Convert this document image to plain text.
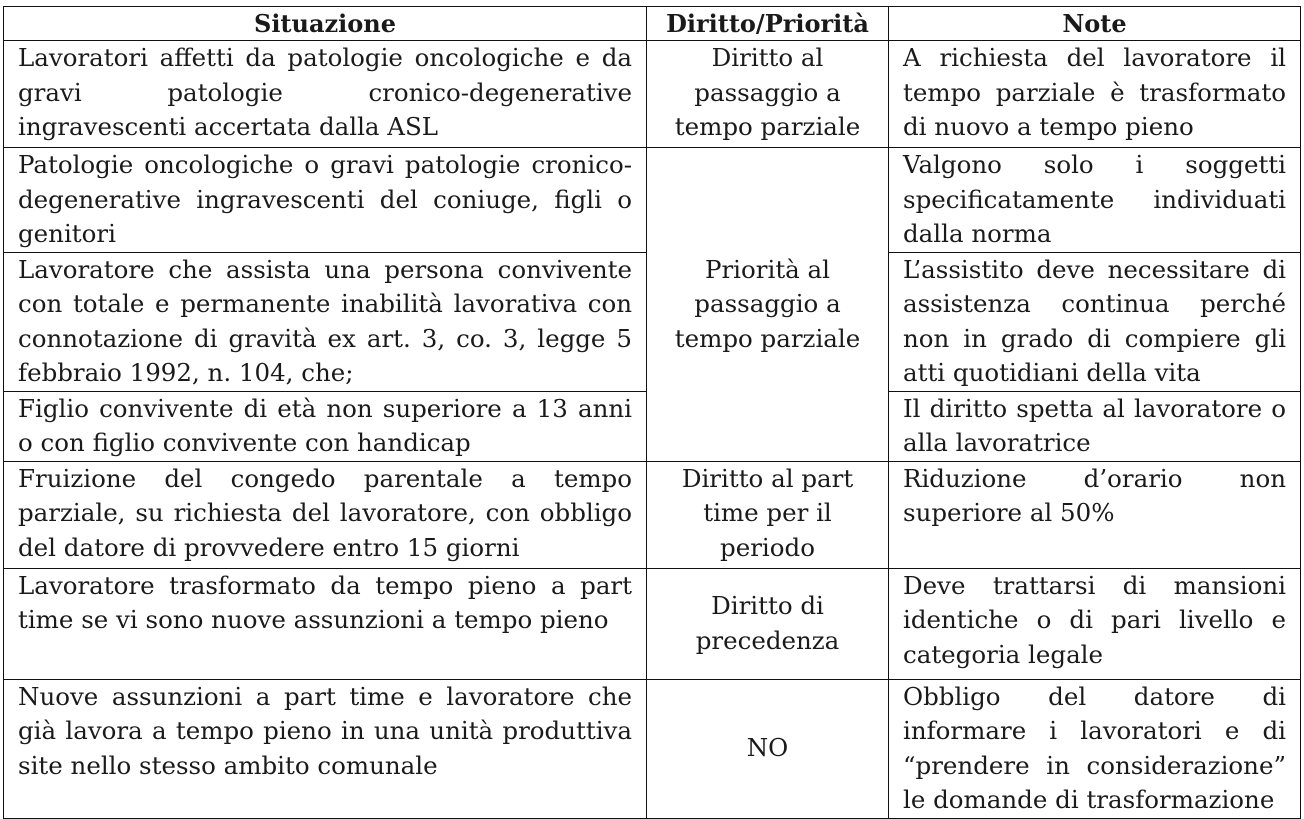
Situazione	Diritto/Priorità	Note
Lavoratori affetti da patologie oncologiche e da gravi patologie cronico-degenerative ingravescenti accertata dalla ASL	Diritto al passaggio a tempo parziale	A richiesta del lavoratore il tempo parziale è trasformato di nuovo a tempo pieno
Patologie oncologiche o gravi patologie cronico-degenerative ingravescenti del coniuge, figli o genitori	Priorità al passaggio a tempo parziale	Valgono solo i soggetti specificatamente individuati dalla norma
Lavoratore che assista una persona convivente con totale e permanente inabilità lavorativa con connotazione di gravità ex art. 3, co. 3, legge 5 febbraio 1992, n. 104, che;		L’assistito deve necessitare di assistenza continua perché non in grado di compiere gli atti quotidiani della vita
Figlio convivente di età non superiore a 13 anni o con figlio convivente con handicap		Il diritto spetta al lavoratore o alla lavoratrice
Fruizione del congedo parentale a tempo parziale, su richiesta del lavoratore, con obbligo del datore di provvedere entro 15 giorni	Diritto al part time per il periodo	Riduzione d’orario non superiore al 50%
Lavoratore trasformato da tempo pieno a part time se vi sono nuove assunzioni a tempo pieno	Diritto di precedenza	Deve trattarsi di mansioni identiche o di pari livello e categoria legale
Nuove assunzioni a part time e lavoratore che già lavora a tempo pieno in una unità produttiva site nello stesso ambito comunale	NO	Obbligo del datore di informare i lavoratori e di “prendere in considerazione” le domande di trasformazione
